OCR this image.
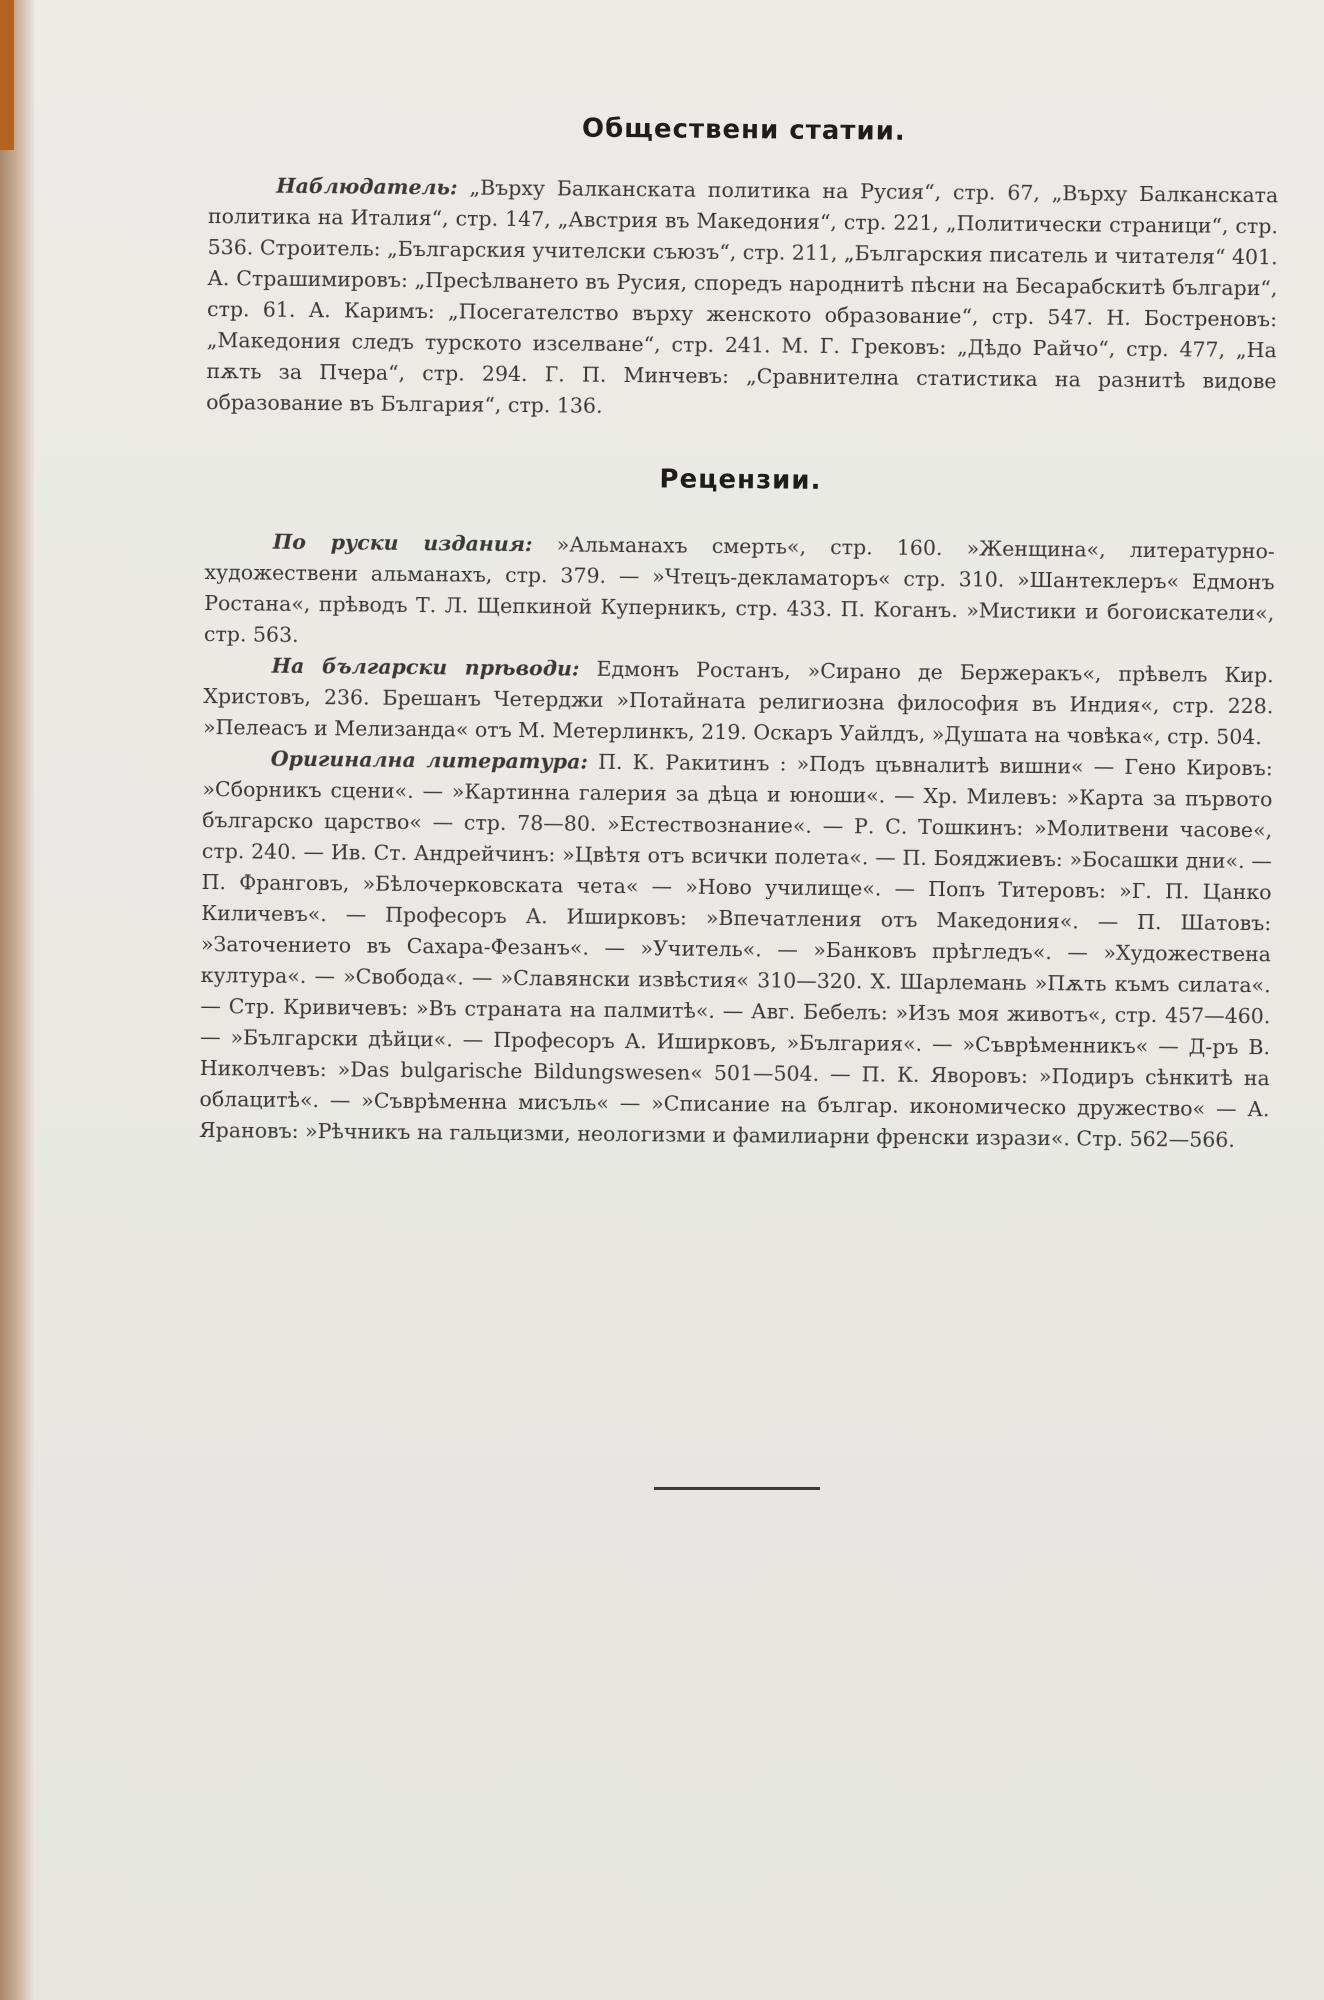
Обществени статии.

Наблюдатель: „Върху Балканската политика на Русия“, стр. 67, „Върху Балканската политика на Италия“, стр. 147, „Австрия въ Македония“, стр. 221, „Политически страници“, стр. 536. Строитель: „Българския учителски съюзъ“, стр. 211, „Българския писатель и читателя“ 401. А. Страшимировъ: „Пресѣлването въ Русия, споредъ народнитѣ пѣсни на Бесарабскитѣ българи“, стр. 61. А. Каримъ: „Посегателство върху женското образование“, стр. 547. Н. Бостреновъ: „Македония следъ турското изселване“, стр. 241. М. Г. Грековъ: „Дѣдо Райчо“, стр. 477, „На пѫть за Пчера“, стр. 294. Г. П. Минчевъ: „Сравнителна статистика на разнитѣ видове образование въ България“, стр. 136.

Рецензии.

По руски издания: »Альманахъ смерть«, стр. 160. »Женщина«, литературно-художествени альманахъ, стр. 379. — »Чтецъ-декламаторъ« стр. 310. »Шантеклеръ« Едмонъ Ростана«, прѣводъ Т. Л. Щепкиной Куперникъ, стр. 433. П. Коганъ. »Мистики и богоискатели«, стр. 563.

На български прѣводи: Едмонъ Ростанъ, »Сирано де Бержеракъ«, прѣвелъ Кир. Христовъ, 236. Брешанъ Четерджи »Потайната религиозна философия въ Индия«, стр. 228. »Пелеасъ и Мелизанда« отъ М. Метерлинкъ, 219. Оскаръ Уайлдъ, »Душата на човѣка«, стр. 504.

Оригинална литература: П. К. Ракитинъ : »Подъ цъвналитѣ вишни« — Гено Кировъ: »Сборникъ сцени«. — »Картинна галерия за дѣца и юноши«. — Хр. Милевъ: »Карта за първото българско царство« — стр. 78—80. »Естествознание«. — Р. С. Тошкинъ: »Молитвени часове«, стр. 240. — Ив. Ст. Андрейчинъ: »Цвѣтя отъ всички полета«. — П. Бояджиевъ: »Босашки дни«. — П. Франговъ, »Бѣлочерковската чета« — »Ново училище«. — Попъ Титеровъ: »Г. П. Цанко Киличевъ«. — Професоръ А. Иширковъ: »Впечатления отъ Македония«. — П. Шатовъ: »Заточението въ Сахара-Фезанъ«. — »Учитель«. — »Банковъ прѣгледъ«. — »Художествена култура«. — »Свобода«. — »Славянски извѣстия« 310—320. Х. Шарлемань »Пѫть къмъ силата«. — Стр. Кривичевъ: »Въ страната на палмитѣ«. — Авг. Бебелъ: »Изъ моя животъ«, стр. 457—460. — »Български дѣйци«. — Професоръ А. Иширковъ, »България«. — »Съврѣменникъ« — Д-ръ В. Николчевъ: »Das bulgarische Bildungswesen« 501—504. — П. К. Яворовъ: »Подиръ сѣнкитѣ на облацитѣ«. — »Съврѣменна мисъль« — »Списание на българ. икономическо дружество« — А. Ярановъ: »Рѣчникъ на гальцизми, неологизми и фамилиарни френски изрази«. Стр. 562—566.
